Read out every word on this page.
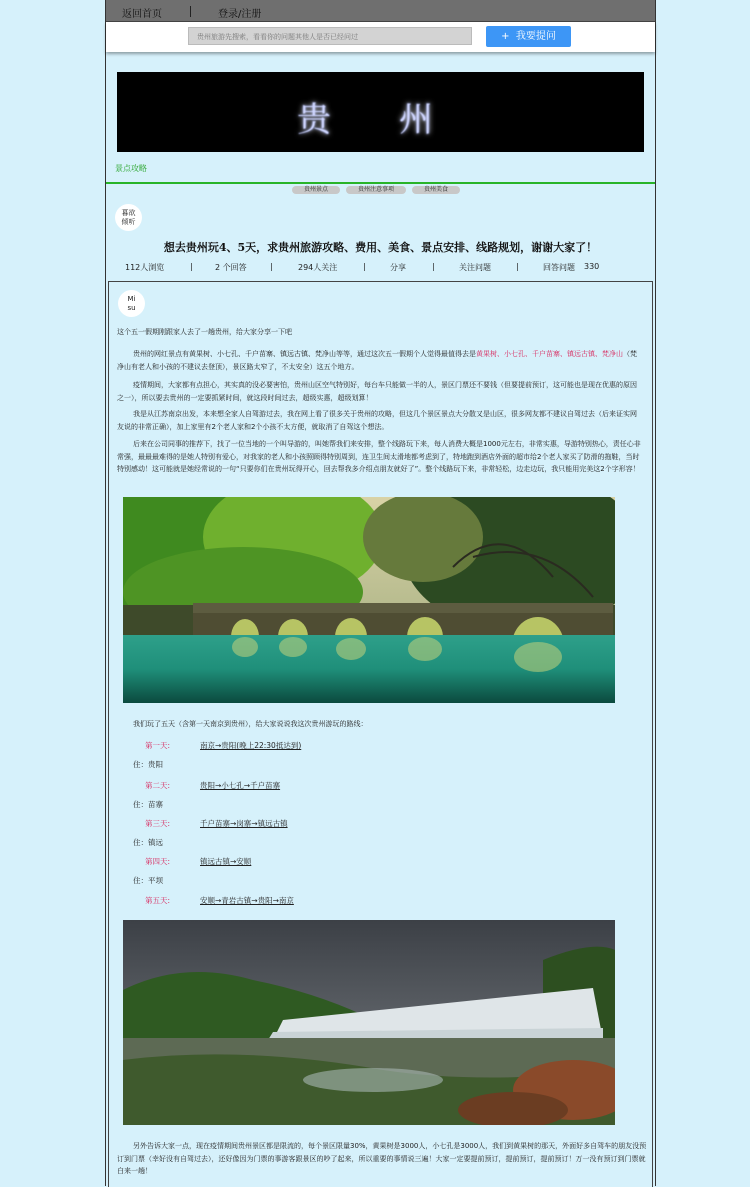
返回首页	登录/注册
贵州旅游先搜索，看看你的问题其他人是否已经问过	+ 我要提问
贵 州
景点攻略
贵州景点	贵州注意事项	贵州美食
暮欲
倾听
想去贵州玩4、5天，求贵州旅游攻略、费用、美食、景点安排、线路规划，谢谢大家了！
112人浏览	|	2 个回答	|	294人关注	|	分享	|	关注问题	|	回答问题 330
Mi
su
这个五一假期刚跟家人去了一趟贵州，给大家分享一下吧
贵州的网红景点有黄果树、小七孔、千户苗寨、镇远古镇、梵净山等等，通过这次五一假期个人觉得最值得去是黄果树、小七孔、千户苗寨、镇远古镇、梵净山（梵净山有老人和小孩的不建议去登顶），景区路太窄了，不太安全）这五个地方。
疫情期间，大家都有点担心，其实真的没必要害怕，贵州山区空气特别好，每台车只能做一半的人，景区门票还不要钱（但要提前预订，这可能也是现在优惠的原因之一），所以要去贵州的一定要抓紧时间，就这段时间过去，超级实惠，超级划算！
我是从江苏南京出发，本来想全家人自驾游过去，我在网上看了很多关于贵州的攻略，但这几个景区景点大分散又是山区，很多网友都不建议自驾过去（后来证实网友说的非常正确），加上家里有2个老人家和2个小孩不太方便，就取消了自驾这个想法。
后来在公司同事的推荐下，找了一位当地的一个叫导游的，叫她帮我们来安排，整个线路玩下来，每人消费大概是1000元左右，非常实惠，导游特别热心，责任心非常强，最最最难得的是她人特别有爱心，对我家的老人和小孩照顾得特别周到，连卫生间太滑地都考虑到了，特地跑到酒店外面的超市给2个老人家买了防滑的拖鞋，当时特别感动！这可能就是她经常说的一句“只要你们在贵州玩得开心，回去帮我多介绍点朋友就好了”。整个线路玩下来，非常轻松，边走边玩，我只能用完美这2个字形容！
我们玩了五天（含第一天南京到贵州），给大家说说我这次贵州游玩的路线：
第一天:	南京→贵阳(晚上22:30抵达到)
住：贵阳
第二天:	贵阳→小七孔→千户苗寨
住：苗寨
第三天:	千户苗寨→岗寨→镇远古镇
住：镇远
第四天:	镇远古镇→安顺
住：平坝
第五天:	安顺→青岩古镇→贵阳→南京
另外告诉大家一点，现在疫情期间贵州景区都是限流的，每个景区限量30%，黄果树是3000人，小七孔是3000人，我们到黄果树的那天，外面好多自驾车的朋友没预订到门票（幸好没有自驾过去），还好像因为门票的事游客跟景区的吵了起来，所以重要的事情说三遍！大家一定要提前预订，提前预订，提前预订！万一没有预订到门票就白来一趟！
